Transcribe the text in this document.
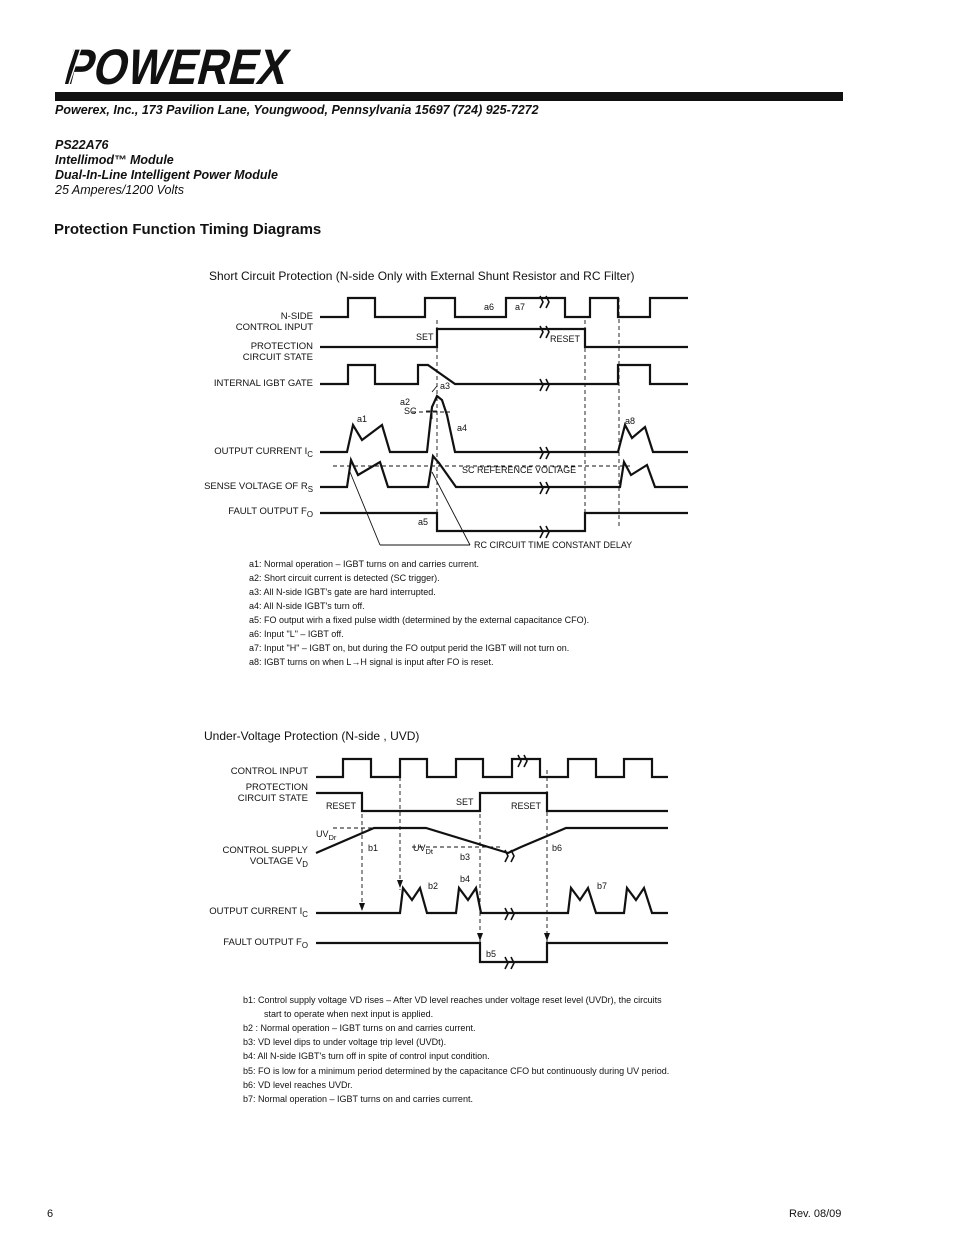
POWEREX
Powerex, Inc., 173 Pavilion Lane, Youngwood, Pennsylvania 15697 (724) 925-7272
PS22A76
Intellimod™ Module
Dual-In-Line Intelligent Power Module
25 Amperes/1200 Volts
Protection Function Timing Diagrams
Short Circuit Protection (N-side Only with External Shunt Resistor and RC Filter)
N-SIDE
CONTROL INPUT
PROTECTION
CIRCUIT STATE
INTERNAL IGBT GATE
OUTPUT CURRENT $I_C$
SENSE VOLTAGE OF $R_S$
FAULT OUTPUT $F_O$
a6 a7
SET	RESET
a3
a2
SC
a1
a4
a8
SC REFERENCE VOLTAGE
a5
RC CIRCUIT TIME CONSTANT DELAY
a1: Normal operation – IGBT turns on and carries current.
a2: Short circuit current is detected (SC trigger).
a3: All N-side IGBT's gate are hard interrupted.
a4: All N-side IGBT's turn off.
a5: FO output wirh a fixed pulse width (determined by the external capacitance CFO).
a6: Input "L" – IGBT off.
a7: Input "H" – IGBT on, but during the FO output perid the IGBT will not turn on.
a8: IGBT turns on when L→H signal is input after FO is reset.
Under-Voltage Protection (N-side , UVD)
CONTROL INPUT
PROTECTION
CIRCUIT STATE
CONTROL SUPPLY
VOLTAGE $V_D$
OUTPUT CURRENT $I_C$
FAULT OUTPUT $F_O$
RESET	SET	RESET
$UV_{Dr}$
$UV_{Dt}$
b1
b3
b6
b4
b2	b7
b5
b1: Control supply voltage VD rises – After VD level reaches under voltage reset level (UVDr), the circuits
start to operate when next input is applied.
b2 : Normal operation – IGBT turns on and carries current.
b3: VD level dips to under voltage trip level (UVDt).
b4: All N-side IGBT's turn off in spite of control input condition.
b5: FO is low for a minimum period determined by the capacitance CFO but continuously during UV period.
b6: VD level reaches UVDr.
b7: Normal operation – IGBT turns on and carries current.
6	Rev. 08/09
